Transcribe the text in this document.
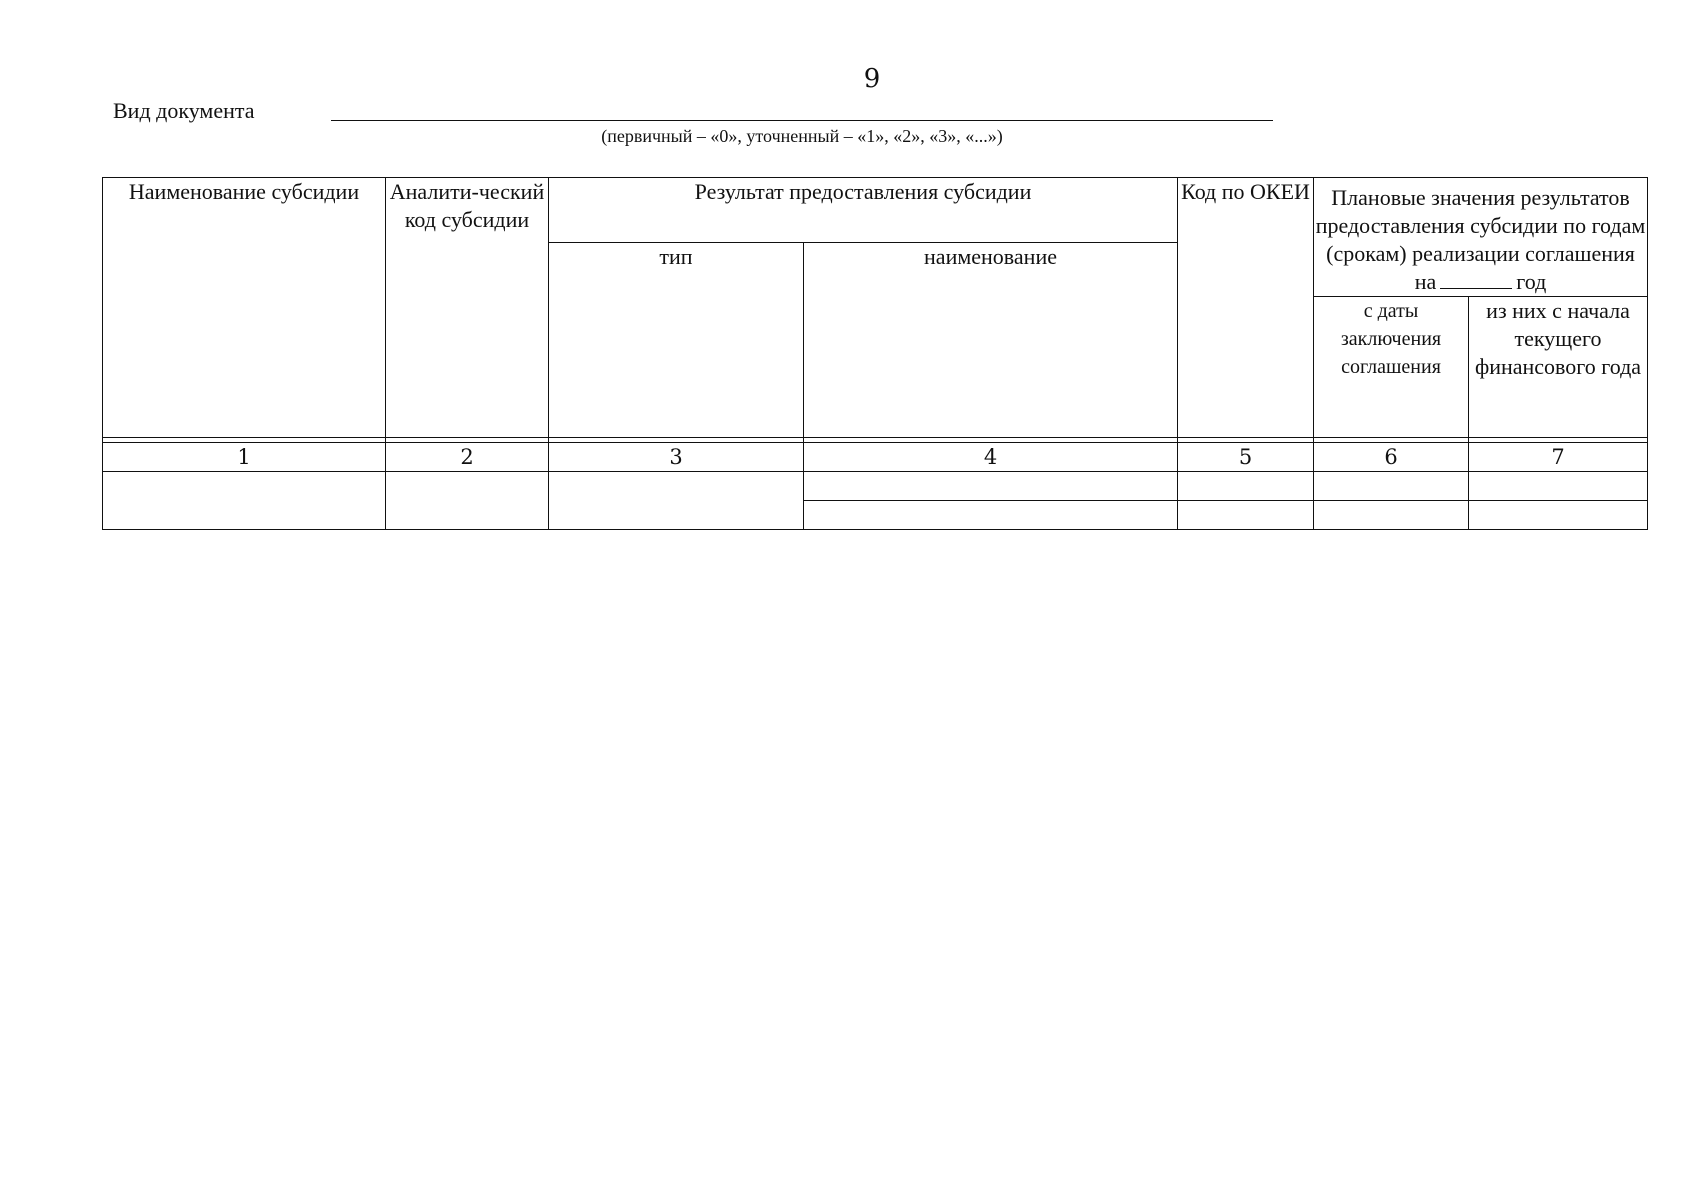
9
Вид документа
(первичный – «0», уточненный – «1», «2», «3», «...»)
Наименование субсидии	Аналити-ческий код субсидии	Результат предоставления субсидии		Код по ОКЕИ	Плановые значения результатов предоставления субсидии по годам (срокам) реализации соглашения
на год	
		тип	наименование			
					с даты заключения соглашения	из них с начала текущего финансового года

1	2	3	4	5	6	7
